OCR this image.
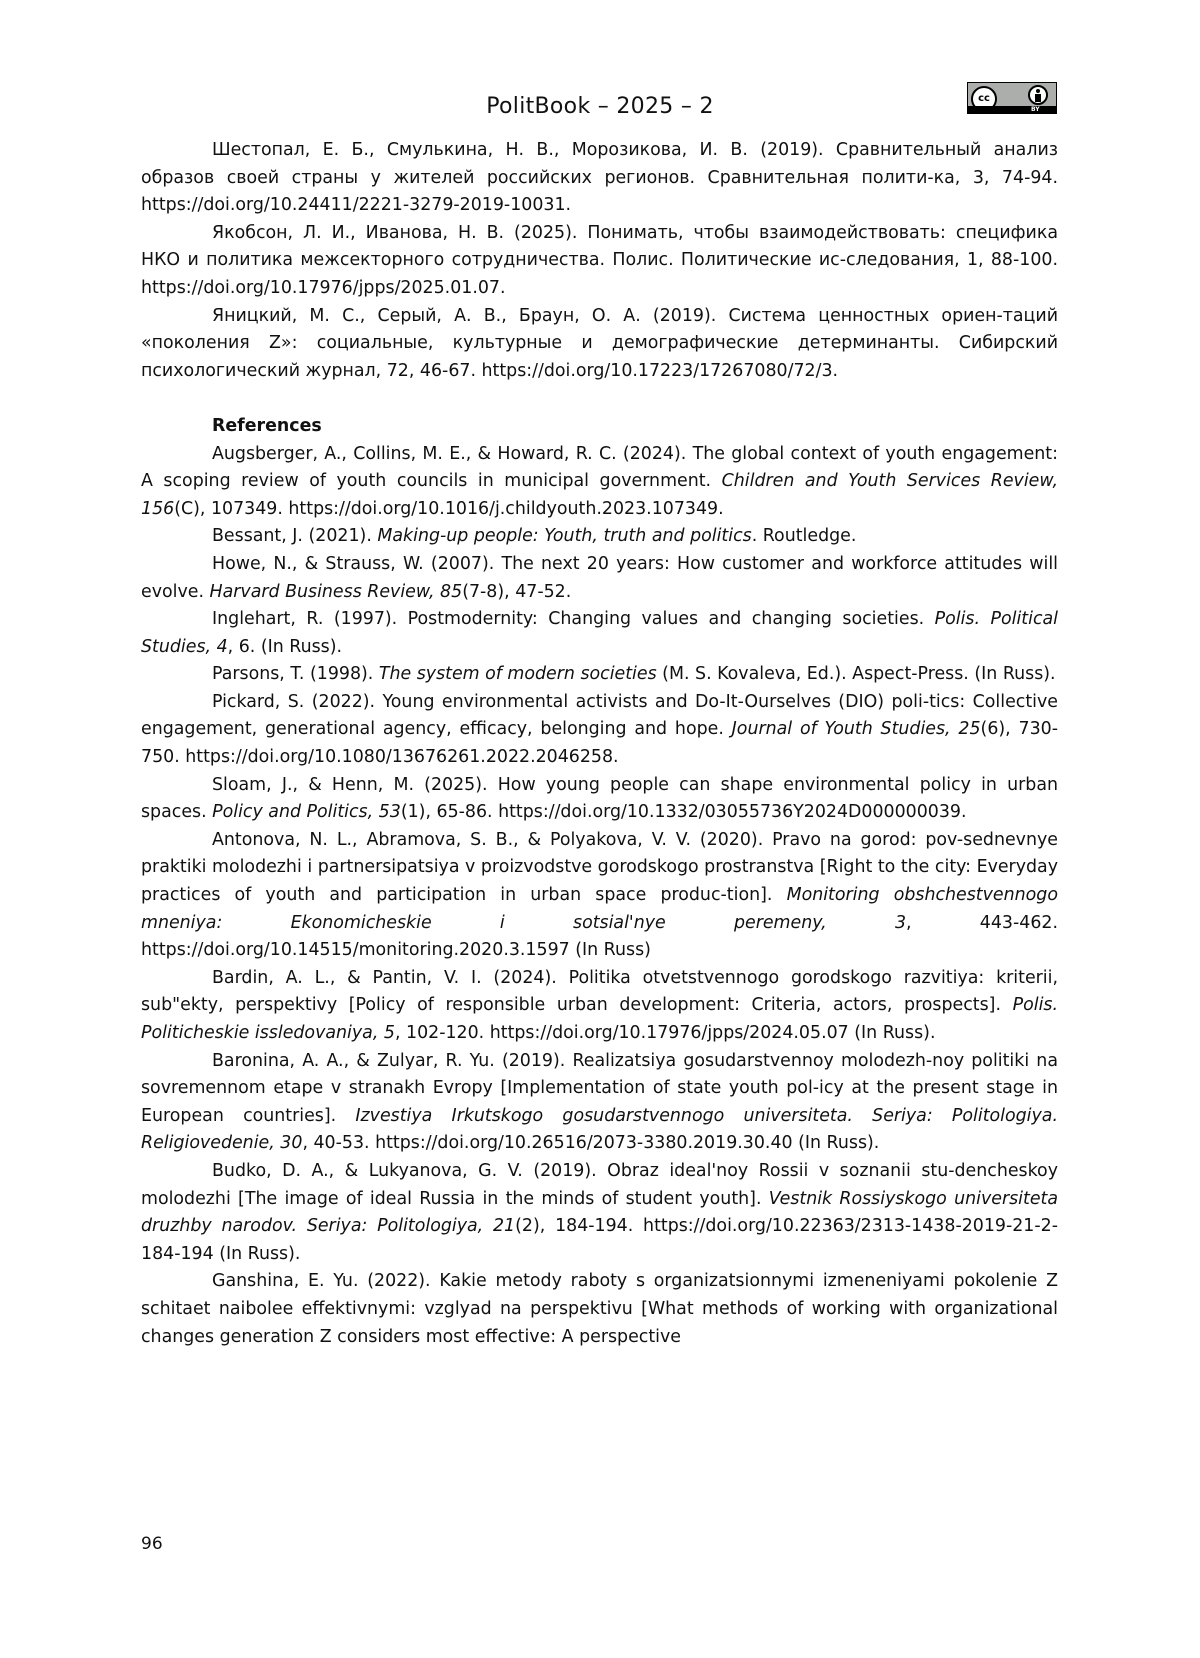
PolitBook – 2025 – 2	cc
BY

Шестопал, Е. Б., Смулькина, Н. В., Морозикова, И. В. (2019). Сравнительный анализ образов своей страны у жителей российских регионов. Сравнительная полити-ка, 3, 74-94. https://doi.org/10.24411/2221-3279-2019-10031.

Якобсон, Л. И., Иванова, Н. В. (2025). Понимать, чтобы взаимодействовать: специфика НКО и политика межсекторного сотрудничества. Полис. Политические ис-следования, 1, 88-100. https://doi.org/10.17976/jpps/2025.01.07.

Яницкий, М. С., Серый, А. В., Браун, О. А. (2019). Система ценностных ориен-таций «поколения Z»: социальные, культурные и демографические детерминанты. Сибирский психологический журнал, 72, 46-67. https://doi.org/10.17223/17267080/72/3.

References

Augsberger, A., Collins, M. E., & Howard, R. C. (2024). The global context of youth engagement: A scoping review of youth councils in municipal government. Children and Youth Services Review, 156(C), 107349. https://doi.org/10.1016/j.childyouth.2023.107349.

Bessant, J. (2021). Making-up people: Youth, truth and politics. Routledge.

Howe, N., & Strauss, W. (2007). The next 20 years: How customer and workforce attitudes will evolve. Harvard Business Review, 85(7-8), 47-52.

Inglehart, R. (1997). Postmodernity: Changing values and changing societies. Polis. Political Studies, 4, 6. (In Russ).

Parsons, T. (1998). The system of modern societies (M. S. Kovaleva, Ed.). Aspect-Press. (In Russ).

Pickard, S. (2022). Young environmental activists and Do-It-Ourselves (DIO) poli-tics: Collective engagement, generational agency, efficacy, belonging and hope. Journal of Youth Studies, 25(6), 730-750. https://doi.org/10.1080/13676261.2022.2046258.

Sloam, J., & Henn, M. (2025). How young people can shape environmental policy in urban spaces. Policy and Politics, 53(1), 65-86. https://doi.org/10.1332/03055736Y2024D000000039.

Antonova, N. L., Abramova, S. B., & Polyakova, V. V. (2020). Pravo na gorod: pov-sednevnye praktiki molodezhi i partnersipatsiya v proizvodstve gorodskogo prostranstva [Right to the city: Everyday practices of youth and participation in urban space produc-tion]. Monitoring obshchestvennogo mneniya: Ekonomicheskie i sotsial'nye peremeny, 3, 443-462. https://doi.org/10.14515/monitoring.2020.3.1597 (In Russ)

Bardin, A. L., & Pantin, V. I. (2024). Politika otvetstvennogo gorodskogo razvitiya: kriterii, sub"ekty, perspektivy [Policy of responsible urban development: Criteria, actors, prospects]. Polis. Politicheskie issledovaniya, 5, 102-120. https://doi.org/10.17976/jpps/2024.05.07 (In Russ).

Baronina, A. A., & Zulyar, R. Yu. (2019). Realizatsiya gosudarstvennoy molodezh-noy politiki na sovremennom etape v stranakh Evropy [Implementation of state youth pol-icy at the present stage in European countries]. Izvestiya Irkutskogo gosudarstvennogo universiteta. Seriya: Politologiya. Religiovedenie, 30, 40-53. https://doi.org/10.26516/2073-3380.2019.30.40 (In Russ).

Budko, D. A., & Lukyanova, G. V. (2019). Obraz ideal'noy Rossii v soznanii stu-dencheskoy molodezhi [The image of ideal Russia in the minds of student youth]. Vestnik Rossiyskogo universiteta druzhby narodov. Seriya: Politologiya, 21(2), 184-194. https://doi.org/10.22363/2313-1438-2019-21-2-184-194 (In Russ).

Ganshina, E. Yu. (2022). Kakie metody raboty s organizatsionnymi izmeneniyami pokolenie Z schitaet naibolee effektivnymi: vzglyad na perspektivu [What methods of working with organizational changes generation Z considers most effective: A perspective

96
